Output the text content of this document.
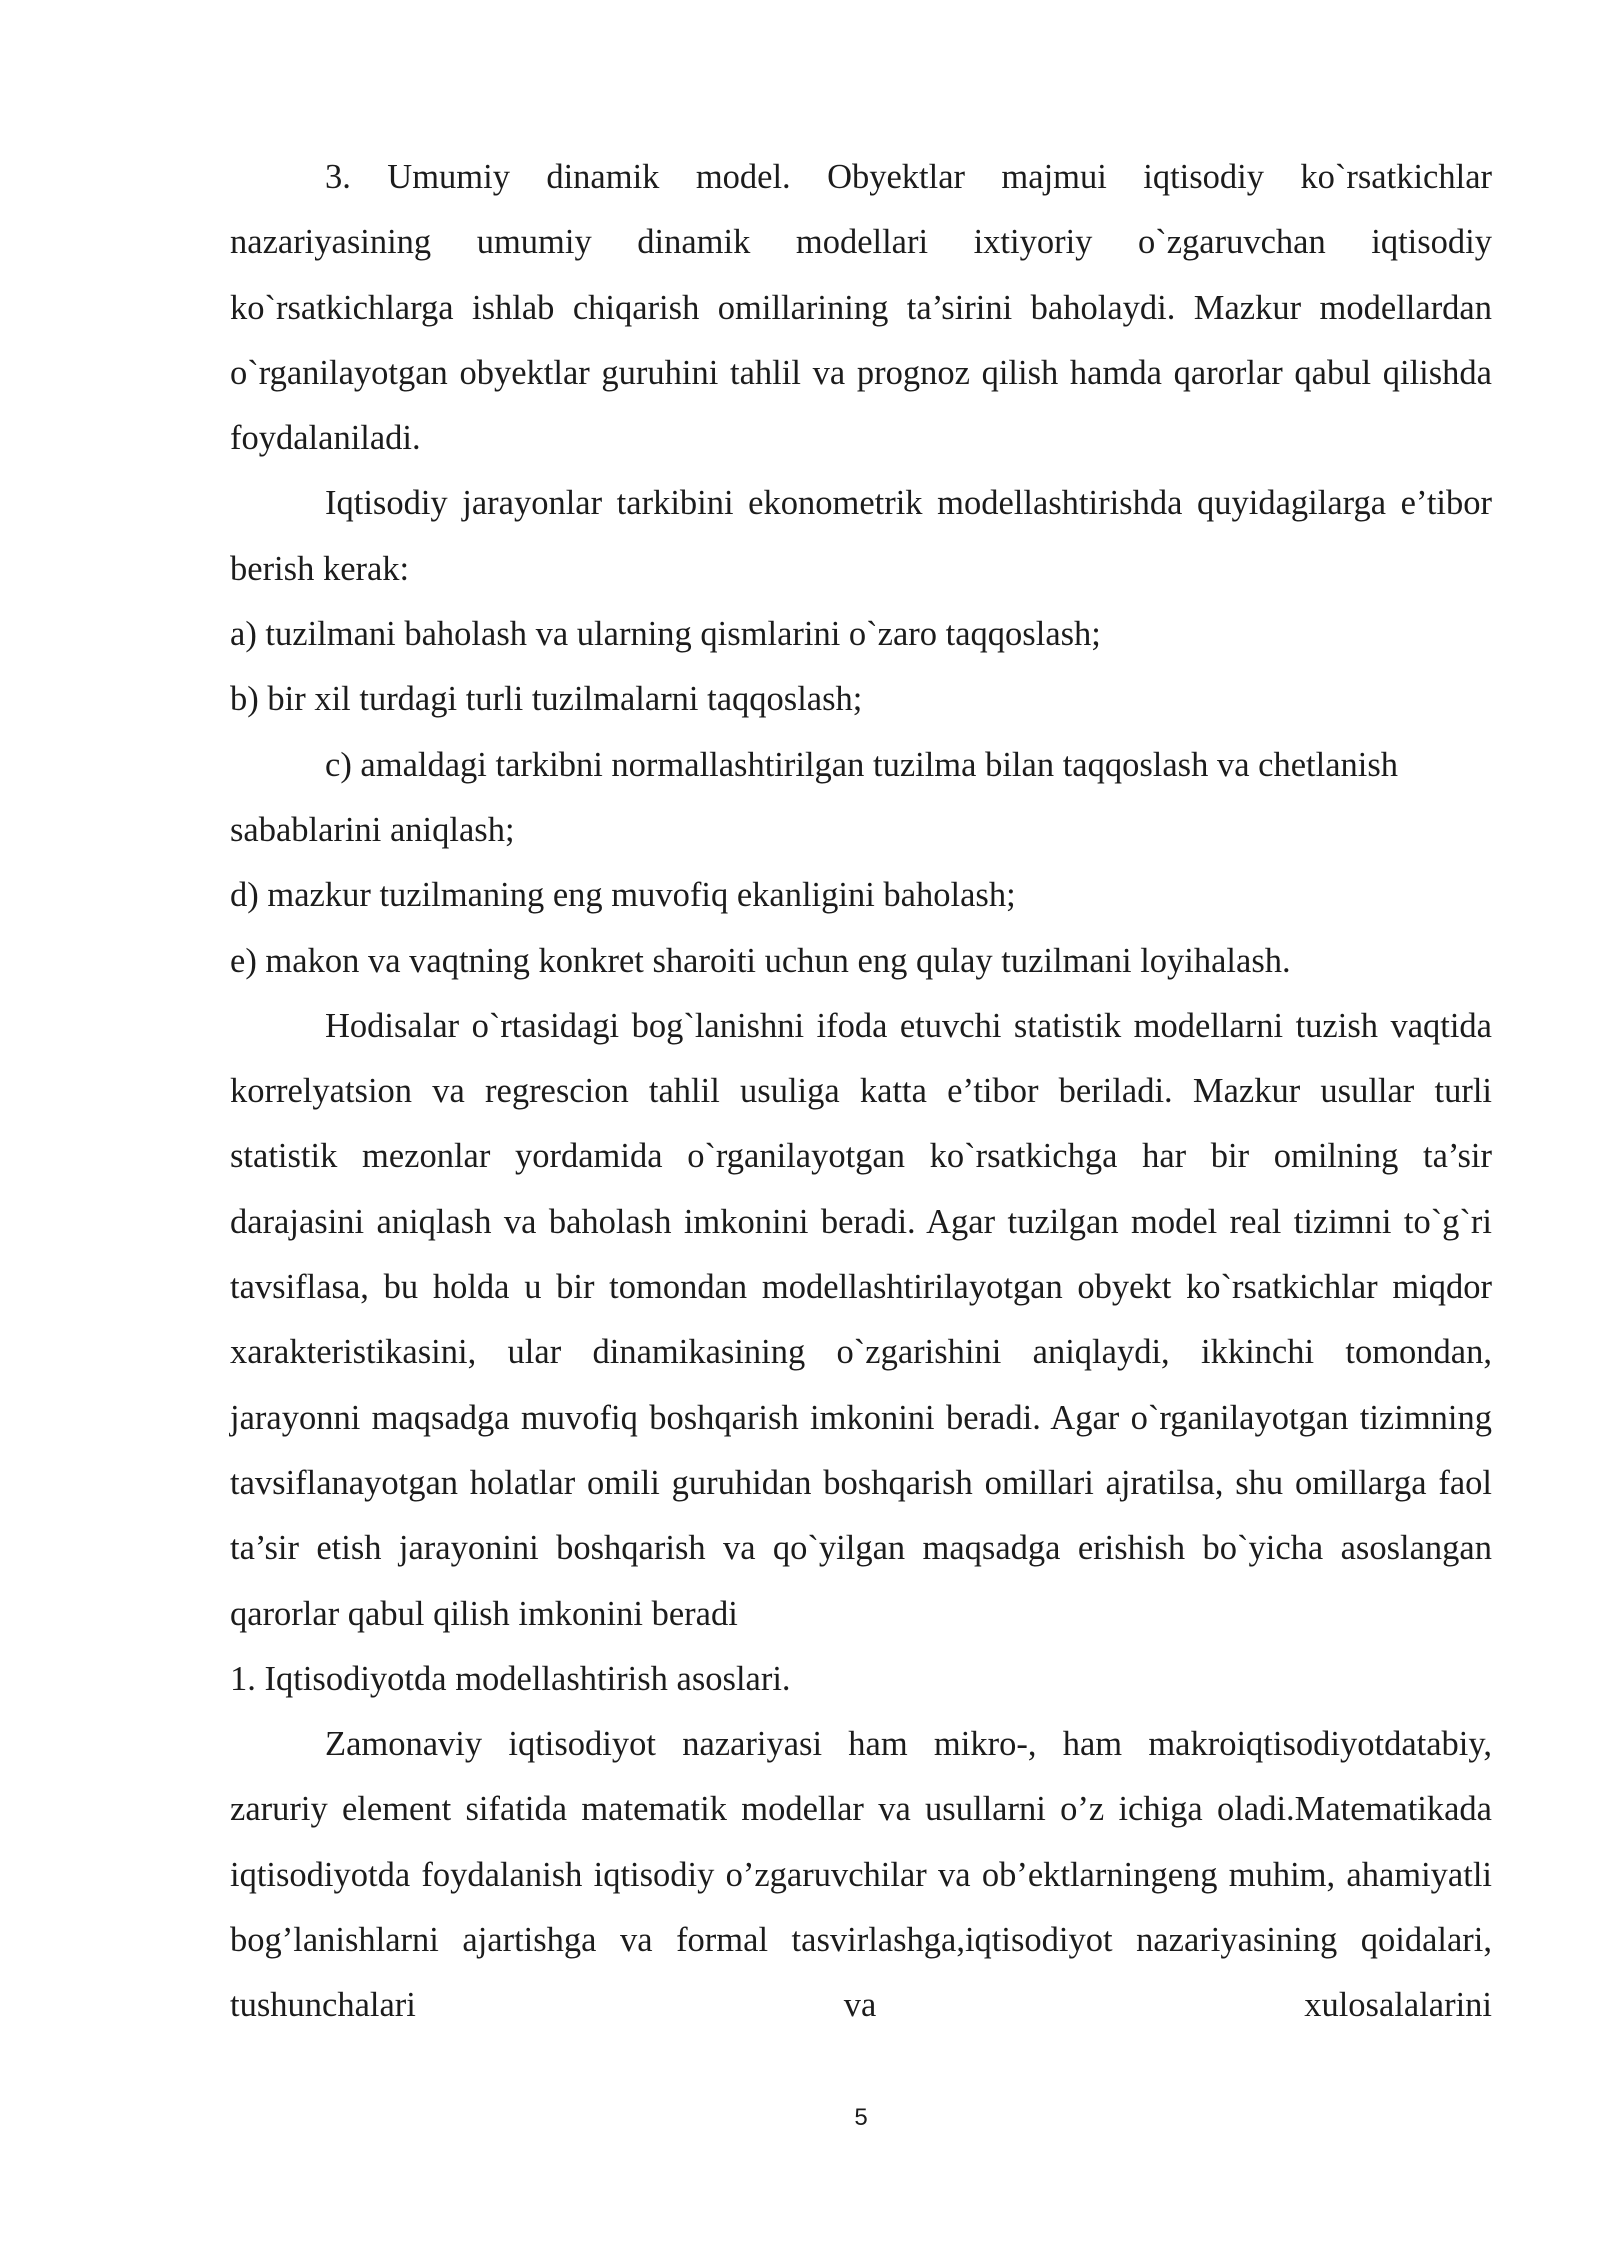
3. Umumiy dinamik model. Obyektlar majmui iqtisodiy ko`rsatkichlar nazariyasining umumiy dinamik modellari ixtiyoriy o`zgaruvchan iqtisodiy ko`rsatkichlarga ishlab chiqarish omillarining ta’sirini baholaydi. Mazkur modellardan o`rganilayotgan obyektlar guruhini tahlil va prognoz qilish hamda qarorlar qabul qilishda foydalaniladi.

Iqtisodiy jarayonlar tarkibini ekonometrik modellashtirishda quyidagilarga e’tibor berish kerak:

a) tuzilmani baholash va ularning qismlarini o`zaro taqqoslash;

b) bir xil turdagi turli tuzilmalarni taqqoslash;

c) amaldagi tarkibni normallashtirilgan tuzilma bilan taqqoslash va chetlanish

sabablarini aniqlash;

d) mazkur tuzilmaning eng muvofiq ekanligini baholash;

e) makon va vaqtning konkret sharoiti uchun eng qulay tuzilmani loyihalash.

Hodisalar o`rtasidagi bog`lanishni ifoda etuvchi statistik modellarni tuzish vaqtida korrelyatsion va regrescion tahlil usuliga katta e’tibor beriladi. Mazkur usullar turli statistik mezonlar yordamida o`rganilayotgan ko`rsatkichga har bir omilning ta’sir darajasini aniqlash va baholash imkonini beradi. Agar tuzilgan model real tizimni to`g`ri tavsiflasa, bu holda u bir tomondan modellashtirilayotgan obyekt ko`rsatkichlar miqdor xarakteristikasini, ular dinamikasining o`zgarishini aniqlaydi, ikkinchi tomondan, jarayonni maqsadga muvofiq boshqarish imkonini beradi. Agar o`rganilayotgan tizimning tavsiflanayotgan holatlar omili guruhidan boshqarish omillari ajratilsa, shu omillarga faol ta’sir etish jarayonini boshqarish va qo`yilgan maqsadga erishish bo`yicha asoslangan qarorlar qabul qilish imkonini beradi

1. Iqtisodiyotda modellashtirish asoslari.

Zamonaviy iqtisodiyot nazariyasi ham mikro-, ham makroiqtisodiyotdatabiy, zaruriy element sifatida matematik modellar va usullarni o’z ichiga oladi.Matematikada iqtisodiyotda foydalanish iqtisodiy o’zgaruvchilar va ob’ektlarningeng muhim, ahamiyatli bog’lanishlarni ajartishga va formal tasvirlashga,iqtisodiyot nazariyasining qoidalari, tushunchalari va xulosalalarini

5
